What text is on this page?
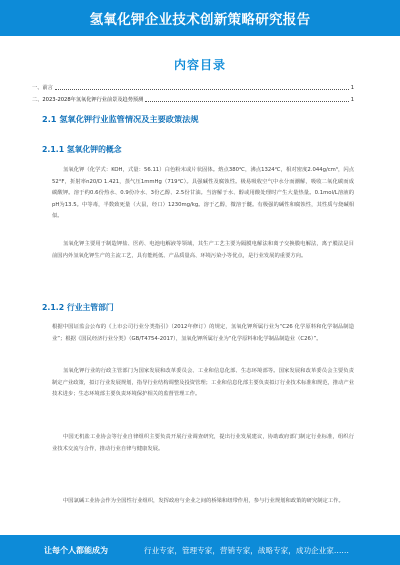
氢氧化钾企业技术创新策略研究报告
内容目录
一、前言	1
二、2023-2028年氢氧化钾行业前景及趋势预测	1
2.1 氢氧化钾行业监管情况及主要政策法规
2.1.1 氢氧化钾的概念

氢氧化钾（化学式：KOH，式量：56.11）白色粉末或片状固体。熔点380℃，沸点1324℃，相对密度2.044g/cm³，闪点52°F，折射率n20/D 1.421，蒸气压1mmHg（719℃）。具强碱性及腐蚀性。极易吸收空气中水分而潮解，吸收二氧化碳而成碳酸钾。溶于约0.6份热水、0.9份冷水、3份乙醇、2.5份甘油。当溶解于水、醇或用酸处理时产生大量热量。0.1mol/L溶液的pH为13.5。中等毒，半数致死量（大鼠，经口）1230mg/kg。溶于乙醇，微溶于醚。有极强的碱性和腐蚀性，其性质与烧碱相似。

氢氧化钾主要用于制造钾盐、医药、电池电解液等领域，其生产工艺主要为隔膜电解法和离子交换膜电解法，离子膜法是目前国内外氢氧化钾生产的主流工艺，具有能耗低、产品质量高、环境污染小等优点，是行业发展的重要方向。

2.1.2 行业主管部门

根据中国证监会公布的《上市公司行业分类指引》（2012年修订）的规定，氢氧化钾所属行业为“C26 化学原料和化学制品制造业”；根据《国民经济行业分类》（GB/T4754-2017），氢氧化钾所属行业为“化学原料和化学制品制造业（C26）”。

氢氧化钾行业的行政主管部门为国家发展和改革委员会、工业和信息化部、生态环境部等。国家发展和改革委员会主要负责制定产业政策，拟订行业发展规划，指导行业结构调整及投资管理；工业和信息化部主要负责拟订行业技术标准和规范，推动产业技术进步；生态环境部主要负责环境保护相关的监督管理工作。

中国无机盐工业协会等行业自律组织主要负责开展行业调查研究，提出行业发展建议，协助政府部门制定行业标准，组织行业技术交流与合作，推动行业自律与健康发展。

中国氯碱工业协会作为全国性行业组织，发挥政府与企业之间的桥梁和纽带作用，参与行业规划和政策的研究制定工作。

让每个人都能成为	行业专家，管理专家，营销专家，战略专家，成功企业家……
